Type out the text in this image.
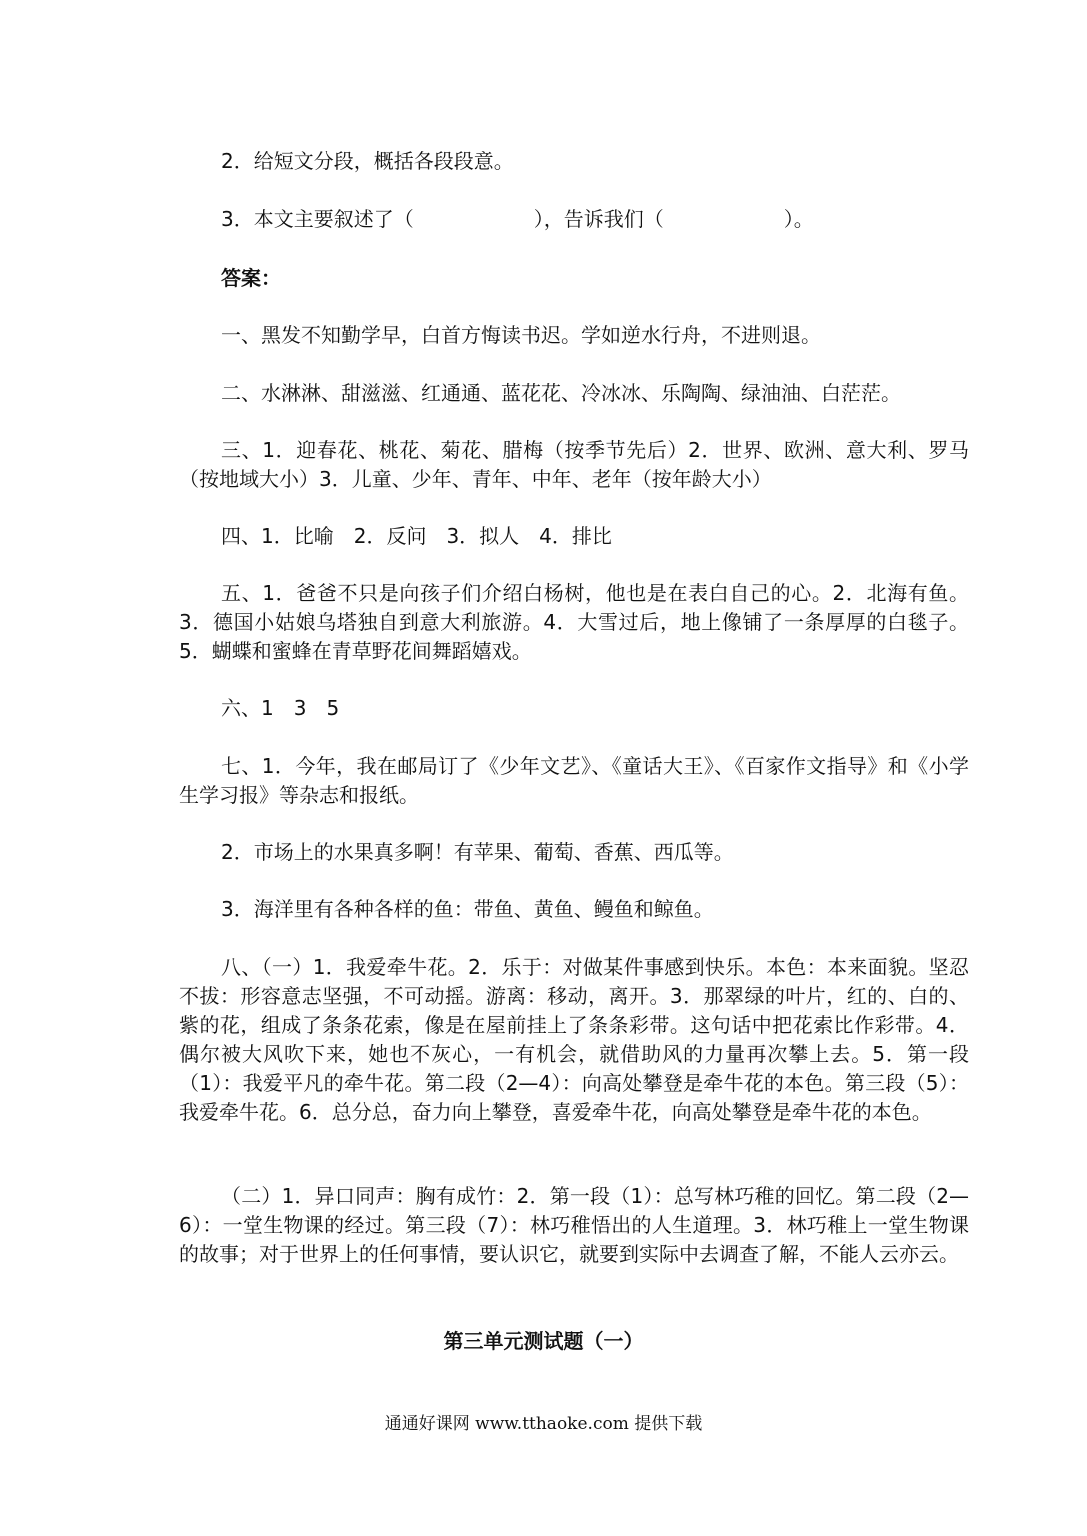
2．给短文分段，概括各段段意。

3．本文主要叙述了（　　　　　　），告诉我们（　　　　　　）。

答案：

一、黑发不知勤学早，白首方悔读书迟。学如逆水行舟，不进则退。

二、水淋淋、甜滋滋、红通通、蓝花花、冷冰冰、乐陶陶、绿油油、白茫茫。

三、1．迎春花、桃花、菊花、腊梅（按季节先后）2．世界、欧洲、意大利、罗马（按地域大小）3．儿童、少年、青年、中年、老年（按年龄大小）

四、1．比喻　2．反问　3．拟人　4．排比

五、1．爸爸不只是向孩子们介绍白杨树，他也是在表白自己的心。2．北海有鱼。3．德国小姑娘乌塔独自到意大利旅游。4．大雪过后，地上像铺了一条厚厚的白毯子。5．蝴蝶和蜜蜂在青草野花间舞蹈嬉戏。

六、1　3　5

七、1．今年，我在邮局订了《少年文艺》、《童话大王》、《百家作文指导》和《小学生学习报》等杂志和报纸。

2．市场上的水果真多啊！有苹果、葡萄、香蕉、西瓜等。

3．海洋里有各种各样的鱼：带鱼、黄鱼、鳗鱼和鲸鱼。

八、（一）1．我爱牵牛花。2．乐于：对做某件事感到快乐。本色：本来面貌。坚忍不拔：形容意志坚强，不可动摇。游离：移动，离开。3．那翠绿的叶片，红的、白的、紫的花，组成了条条花索，像是在屋前挂上了条条彩带。这句话中把花索比作彩带。4．偶尔被大风吹下来，她也不灰心，一有机会，就借助风的力量再次攀上去。5．第一段（1）：我爱平凡的牵牛花。第二段（2—4）：向高处攀登是牵牛花的本色。第三段（5）：我爱牵牛花。6．总分总，奋力向上攀登，喜爱牵牛花，向高处攀登是牵牛花的本色。

（二）1．异口同声：胸有成竹：2．第一段（1）：总写林巧稚的回忆。第二段（2—6）：一堂生物课的经过。第三段（7）：林巧稚悟出的人生道理。3．林巧稚上一堂生物课的故事；对于世界上的任何事情，要认识它，就要到实际中去调查了解，不能人云亦云。

第三单元测试题（一）

通通好课网 www.tthaoke.com 提供下载
